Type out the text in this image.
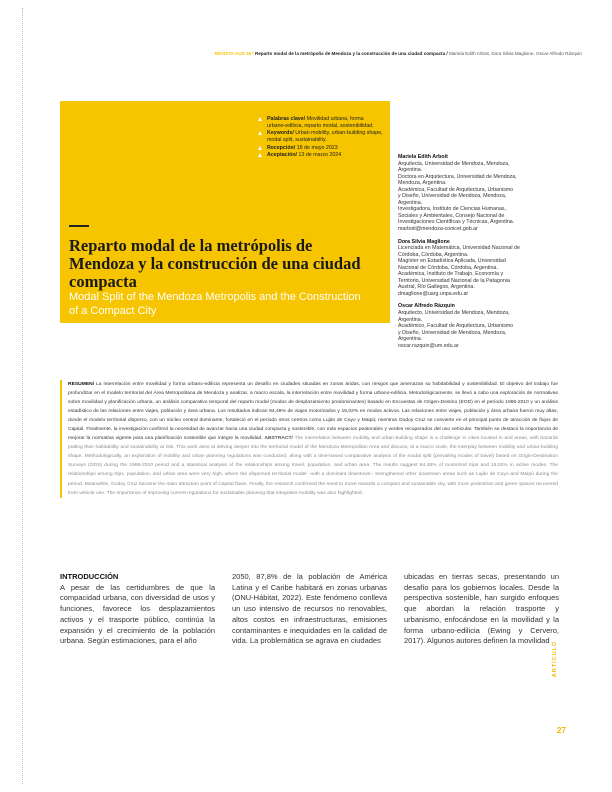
REVISTA AUS 36 / Reparto modal de la metrópolis de Mendoza y la construcción de una ciudad compacta / Mariela Edith Arboit, Dora Silvia Maglione, Oscar Alfredo Rázquin
Palabras clave/ Movilidad urbana, forma urbano-edilicia, reparto modal, sostenibilidad.
Keywords/ Urban mobility, urban-building shape, modal split, sustainability.
Recepción/ 18 de mayo 2023
Aceptación/ 13 de marzo 2024
Reparto modal de la metrópolis de Mendoza y la construcción de una ciudad compacta
Modal Split of the Mendoza Metropolis and the Construction of a Compact City
Mariela Edith Arboit
Arquitecta, Universidad de Mendoza, Mendoza,
Argentina.
Doctora en Arquitectura, Universidad de Mendoza,
Mendoza, Argentina.
Académica, Facultad de Arquitectura, Urbanismo
y Diseño, Universidad de Mendoza, Mendoza,
Argentina.
Investigadora, Instituto de Ciencias Humanas,
Sociales y Ambientales, Consejo Nacional de
Investigaciones Científicas y Técnicas, Argentina.
marboit@mendoza-conicet.gob.ar
Dora Silvia Maglione
Licenciada en Matemática, Universidad Nacional de
Córdoba, Córdoba, Argentina.
Magíster en Estadística Aplicada, Universidad
Nacional de Córdoba, Córdoba, Argentina.
Académica, Instituto de Trabajo, Economía y
Territorio, Universidad Nacional de la Patagonia
Austral, Río Gallegos, Argentina.
dmaglione@uarg.unpa.edu.ar
Oscar Alfredo Rázquin
Arquitecto, Universidad de Mendoza, Mendoza,
Argentina.
Académico, Facultad de Arquitectura, Urbanismo
y Diseño, Universidad de Mendoza, Mendoza,
Argentina.
oscar.razquin@um.edu.ar
RESUMEN/ La interrelación entre movilidad y forma urbano-edilicia representa un desafío en ciudades situadas en zonas áridas, con riesgos que amenazan su habitabilidad y sostenibilidad. El objetivo del trabajo fue profundizar en el modelo territorial del Área Metropolitana de Mendoza y analizar, a macro escala, la interrelación entre movilidad y forma urbano-edilicia. Metodológicamente, se llevó a cabo una exploración de normativas sobre movilidad y planificación urbana, un análisis comparativo temporal del reparto modal (modos de desplazamiento predominantes) basado en Encuestas de Origen-Destino (EOD) en el período 1986-2010 y un análisis estadístico de las relaciones entre viajes, población y área urbana. Los resultados indican 84,48% de viajes motorizados y 15,02% en modos activos. Las relaciones entre viajes, población y área urbana fueron muy altas, donde el modelo territorial disperso, con un núcleo central dominante, fortaleció en el período otros centros como Luján de Cuyo y Maipú; mientras Godoy Cruz se convierte en el principal punto de atracción de flujos de Capital. Finalmente, la investigación confirmó la necesidad de avanzar hacia una ciudad compacta y sostenible, con más espacios peatonales y verdes recuperados del uso vehicular. También se destacó la importancia de mejorar la normativa vigente para una planificación sostenible que integre la movilidad. ABSTRACT/ The interrelation between mobility and urban-building shape is a challenge in cities located in arid areas, with hazards putting their habitability and sustainability at risk. This work aims at delving deeper into the territorial model of the Mendoza Metropolitan Area and discuss, at a macro scale, the interplay between mobility and urban-building shape. Methodologically, an exploration of mobility and urban planning regulations was conducted, along with a time-based comparative analysis of the modal split (prevailing modes of travel) based on Origin-Destination Surveys (ODS) during the 1986-2010 period and a statistical analysis of the relationships among travel, population, and urban area. The results suggest 84.48% of motorized trips and 15.02% in active modes. The relationships among trips, population, and urban area were very high, where the dispersed territorial model –with a dominant downtown– strengthened other downtown areas such as Luján de Cuyo and Maipú during the period. Meanwhile, Godoy Cruz became the main attraction point of Capital flows. Finally, the research confirmed the need to move towards a compact and sustainable city, with more pedestrian and green spaces recovered from vehicle use. The importance of improving current regulations for sustainable planning that integrates mobility was also highlighted.
INTRODUCCIÓN

A pesar de las certidumbres de que la compacidad urbana, con diversidad de usos y funciones, favorece los desplazamientos activos y el trasporte público, continúa la expansión y el crecimiento de la población urbana. Según estimaciones, para el año

2050, 87,8% de la población de América Latina y el Caribe habitará en zonas urbanas (ONU-Hábitat, 2022). Este fenómeno conlleva un uso intensivo de recursos no renovables, altos costos en infraestructuras, emisiones contaminantes e inequidades en la calidad de vida. La problemática se agrava en ciudades

ubicadas en tierras secas, presentando un desafío para los gobiernos locales. Desde la perspectiva sostenible, han surgido enfoques que abordan la relación trasporte y urbanismo, enfocándose en la movilidad y la forma urbano-edilicia (Ewing y Cervero, 2017). Algunos autores definen la movilidad

ARTÍCULO
27
